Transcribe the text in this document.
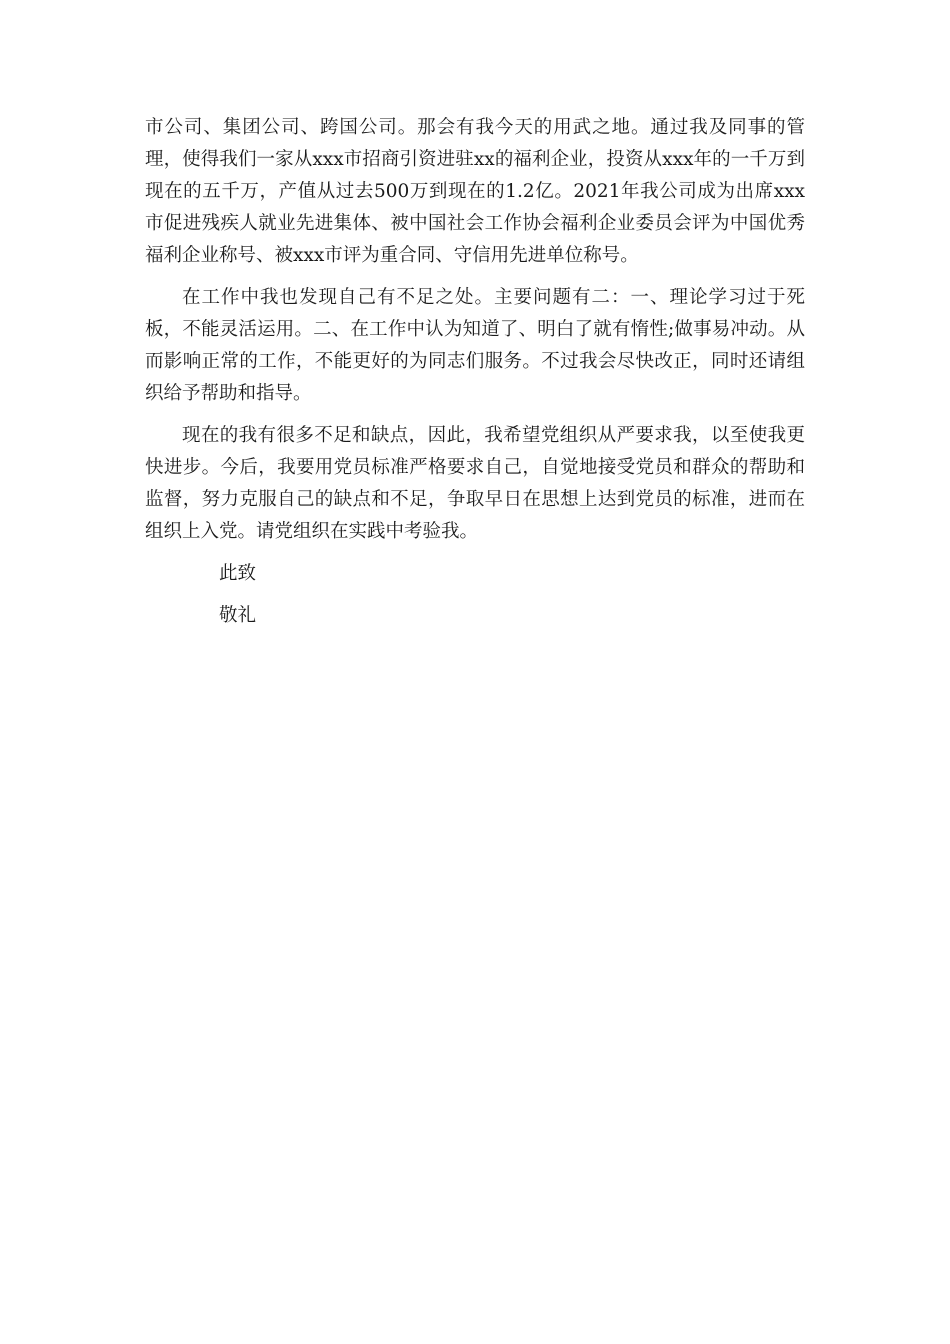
市公司、集团公司、跨国公司。那会有我今天的用武之地。通过我及同事的管理，使得我们一家从xxx市招商引资进驻xx的福利企业，投资从xxx年的一千万到现在的五千万，产值从过去500万到现在的1.2亿。2021年我公司成为出席xxx市促进残疾人就业先进集体、被中国社会工作协会福利企业委员会评为中国优秀福利企业称号、被xxx市评为重合同、守信用先进单位称号。

在工作中我也发现自己有不足之处。主要问题有二：一、理论学习过于死板，不能灵活运用。二、在工作中认为知道了、明白了就有惰性;做事易冲动。从而影响正常的工作，不能更好的为同志们服务。不过我会尽快改正，同时还请组织给予帮助和指导。

现在的我有很多不足和缺点，因此，我希望党组织从严要求我，以至使我更快进步。今后，我要用党员标准严格要求自己，自觉地接受党员和群众的帮助和监督，努力克服自己的缺点和不足，争取早日在思想上达到党员的标准，进而在组织上入党。请党组织在实践中考验我。

此致

敬礼
